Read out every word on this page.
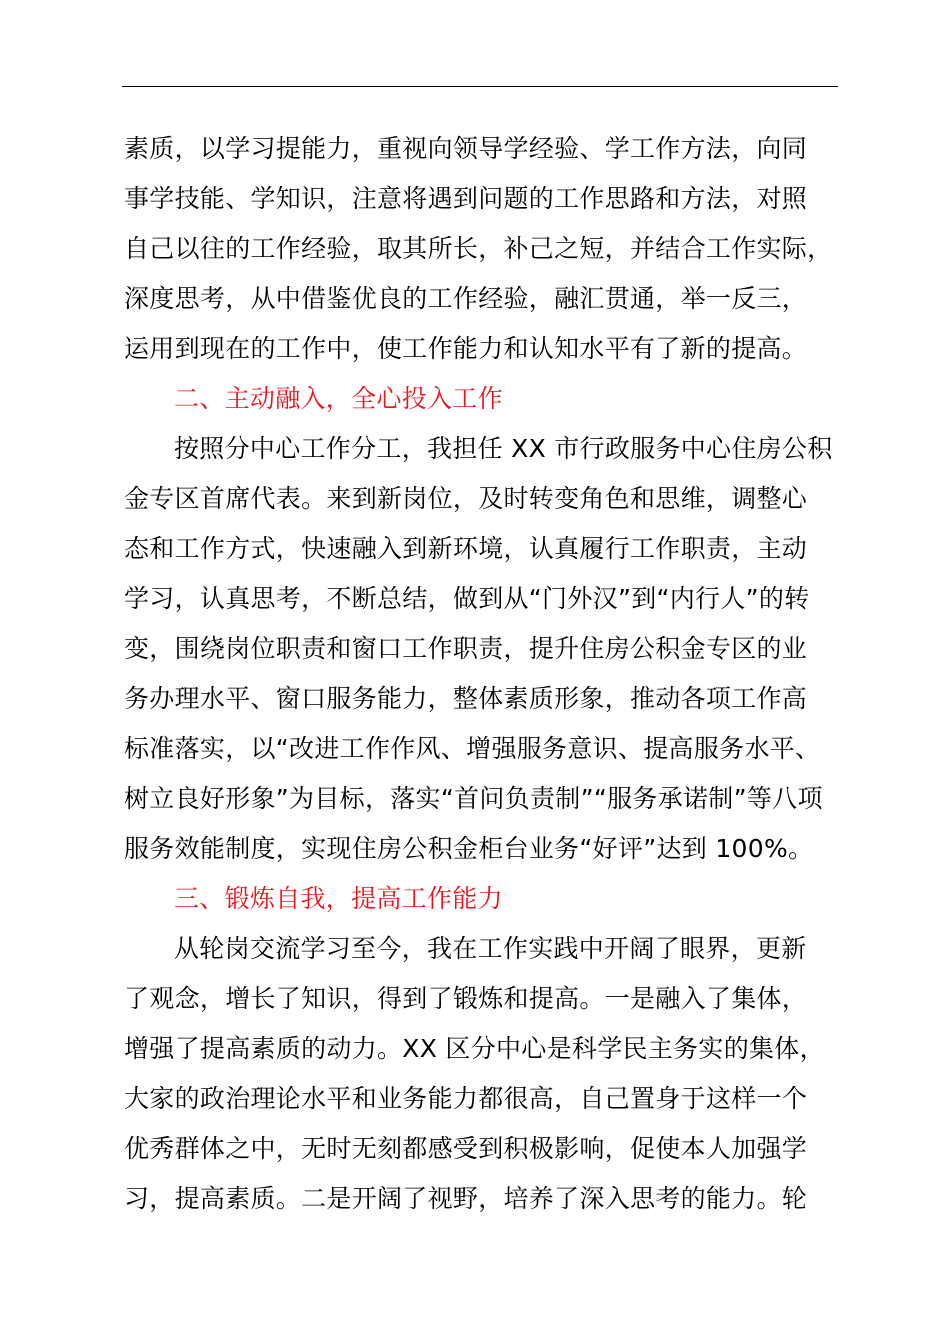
素质，以学习提能力，重视向领导学经验、学工作方法，向同
事学技能、学知识，注意将遇到问题的工作思路和方法，对照
自己以往的工作经验，取其所长，补己之短，并结合工作实际，
深度思考，从中借鉴优良的工作经验，融汇贯通，举一反三，
运用到现在的工作中，使工作能力和认知水平有了新的提高。
二、主动融入，全心投入工作
按照分中心工作分工，我担任 XX 市行政服务中心住房公积
金专区首席代表。来到新岗位，及时转变角色和思维，调整心
态和工作方式，快速融入到新环境，认真履行工作职责，主动
学习，认真思考，不断总结，做到从“门外汉”到“内行人”的转
变，围绕岗位职责和窗口工作职责，提升住房公积金专区的业
务办理水平、窗口服务能力，整体素质形象，推动各项工作高
标准落实，以“改进工作作风、增强服务意识、提高服务水平、
树立良好形象”为目标，落实“首问负责制”“服务承诺制”等八项
服务效能制度，实现住房公积金柜台业务“好评”达到 100%。
三、锻炼自我，提高工作能力
从轮岗交流学习至今，我在工作实践中开阔了眼界，更新
了观念，增长了知识，得到了锻炼和提高。一是融入了集体，
增强了提高素质的动力。XX 区分中心是科学民主务实的集体，
大家的政治理论水平和业务能力都很高，自己置身于这样一个
优秀群体之中，无时无刻都感受到积极影响，促使本人加强学
习，提高素质。二是开阔了视野，培养了深入思考的能力。轮
